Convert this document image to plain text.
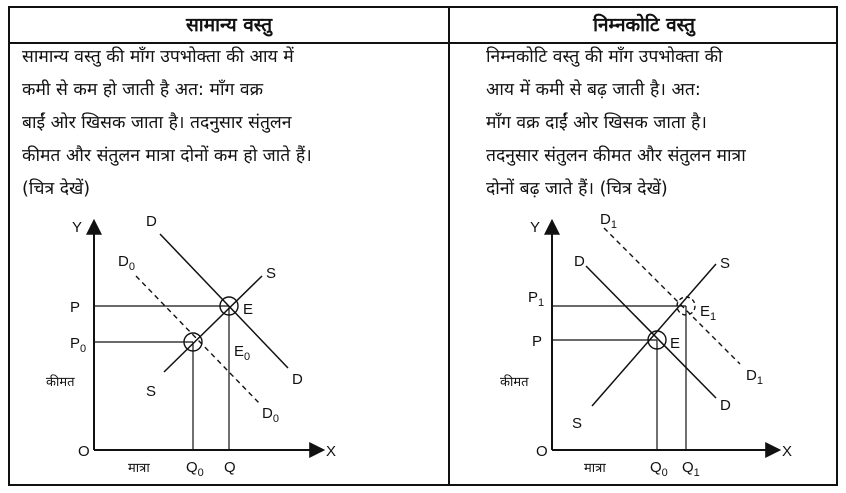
सामान्य वस्तु	निम्नकोटि वस्तु
सामान्य वस्तु की माँग उपभोक्ता की आय में
कमी से कम हो जाती है अत: माँग वक्र
बाईं ओर खिसक जाता है। तदनुसार संतुलन
कीमत और संतुलन मात्रा दोनों कम हो जाते हैं।
(चित्र देखें)
निम्नकोटि वस्तु की माँग उपभोक्ता की
आय में कमी से बढ़ जाती है। अत:
माँग वक्र दाईं ओर खिसक जाता है।
तदनुसार संतुलन कीमत और संतुलन मात्रा
दोनों बढ़ जाते हैं। (चित्र देखें)
Y
X
O
कीमत
मात्रा
D
D
$D_0$
$D_0$
S
S
E
$E_0$
P
$P_0$
$Q_0$ Q
Y
X
O
कीमत
मात्रा
$D_1$
$D_1$
D
D
S
S
$E_1$
E
$P_1$
P
$Q_0$ $Q_1$
